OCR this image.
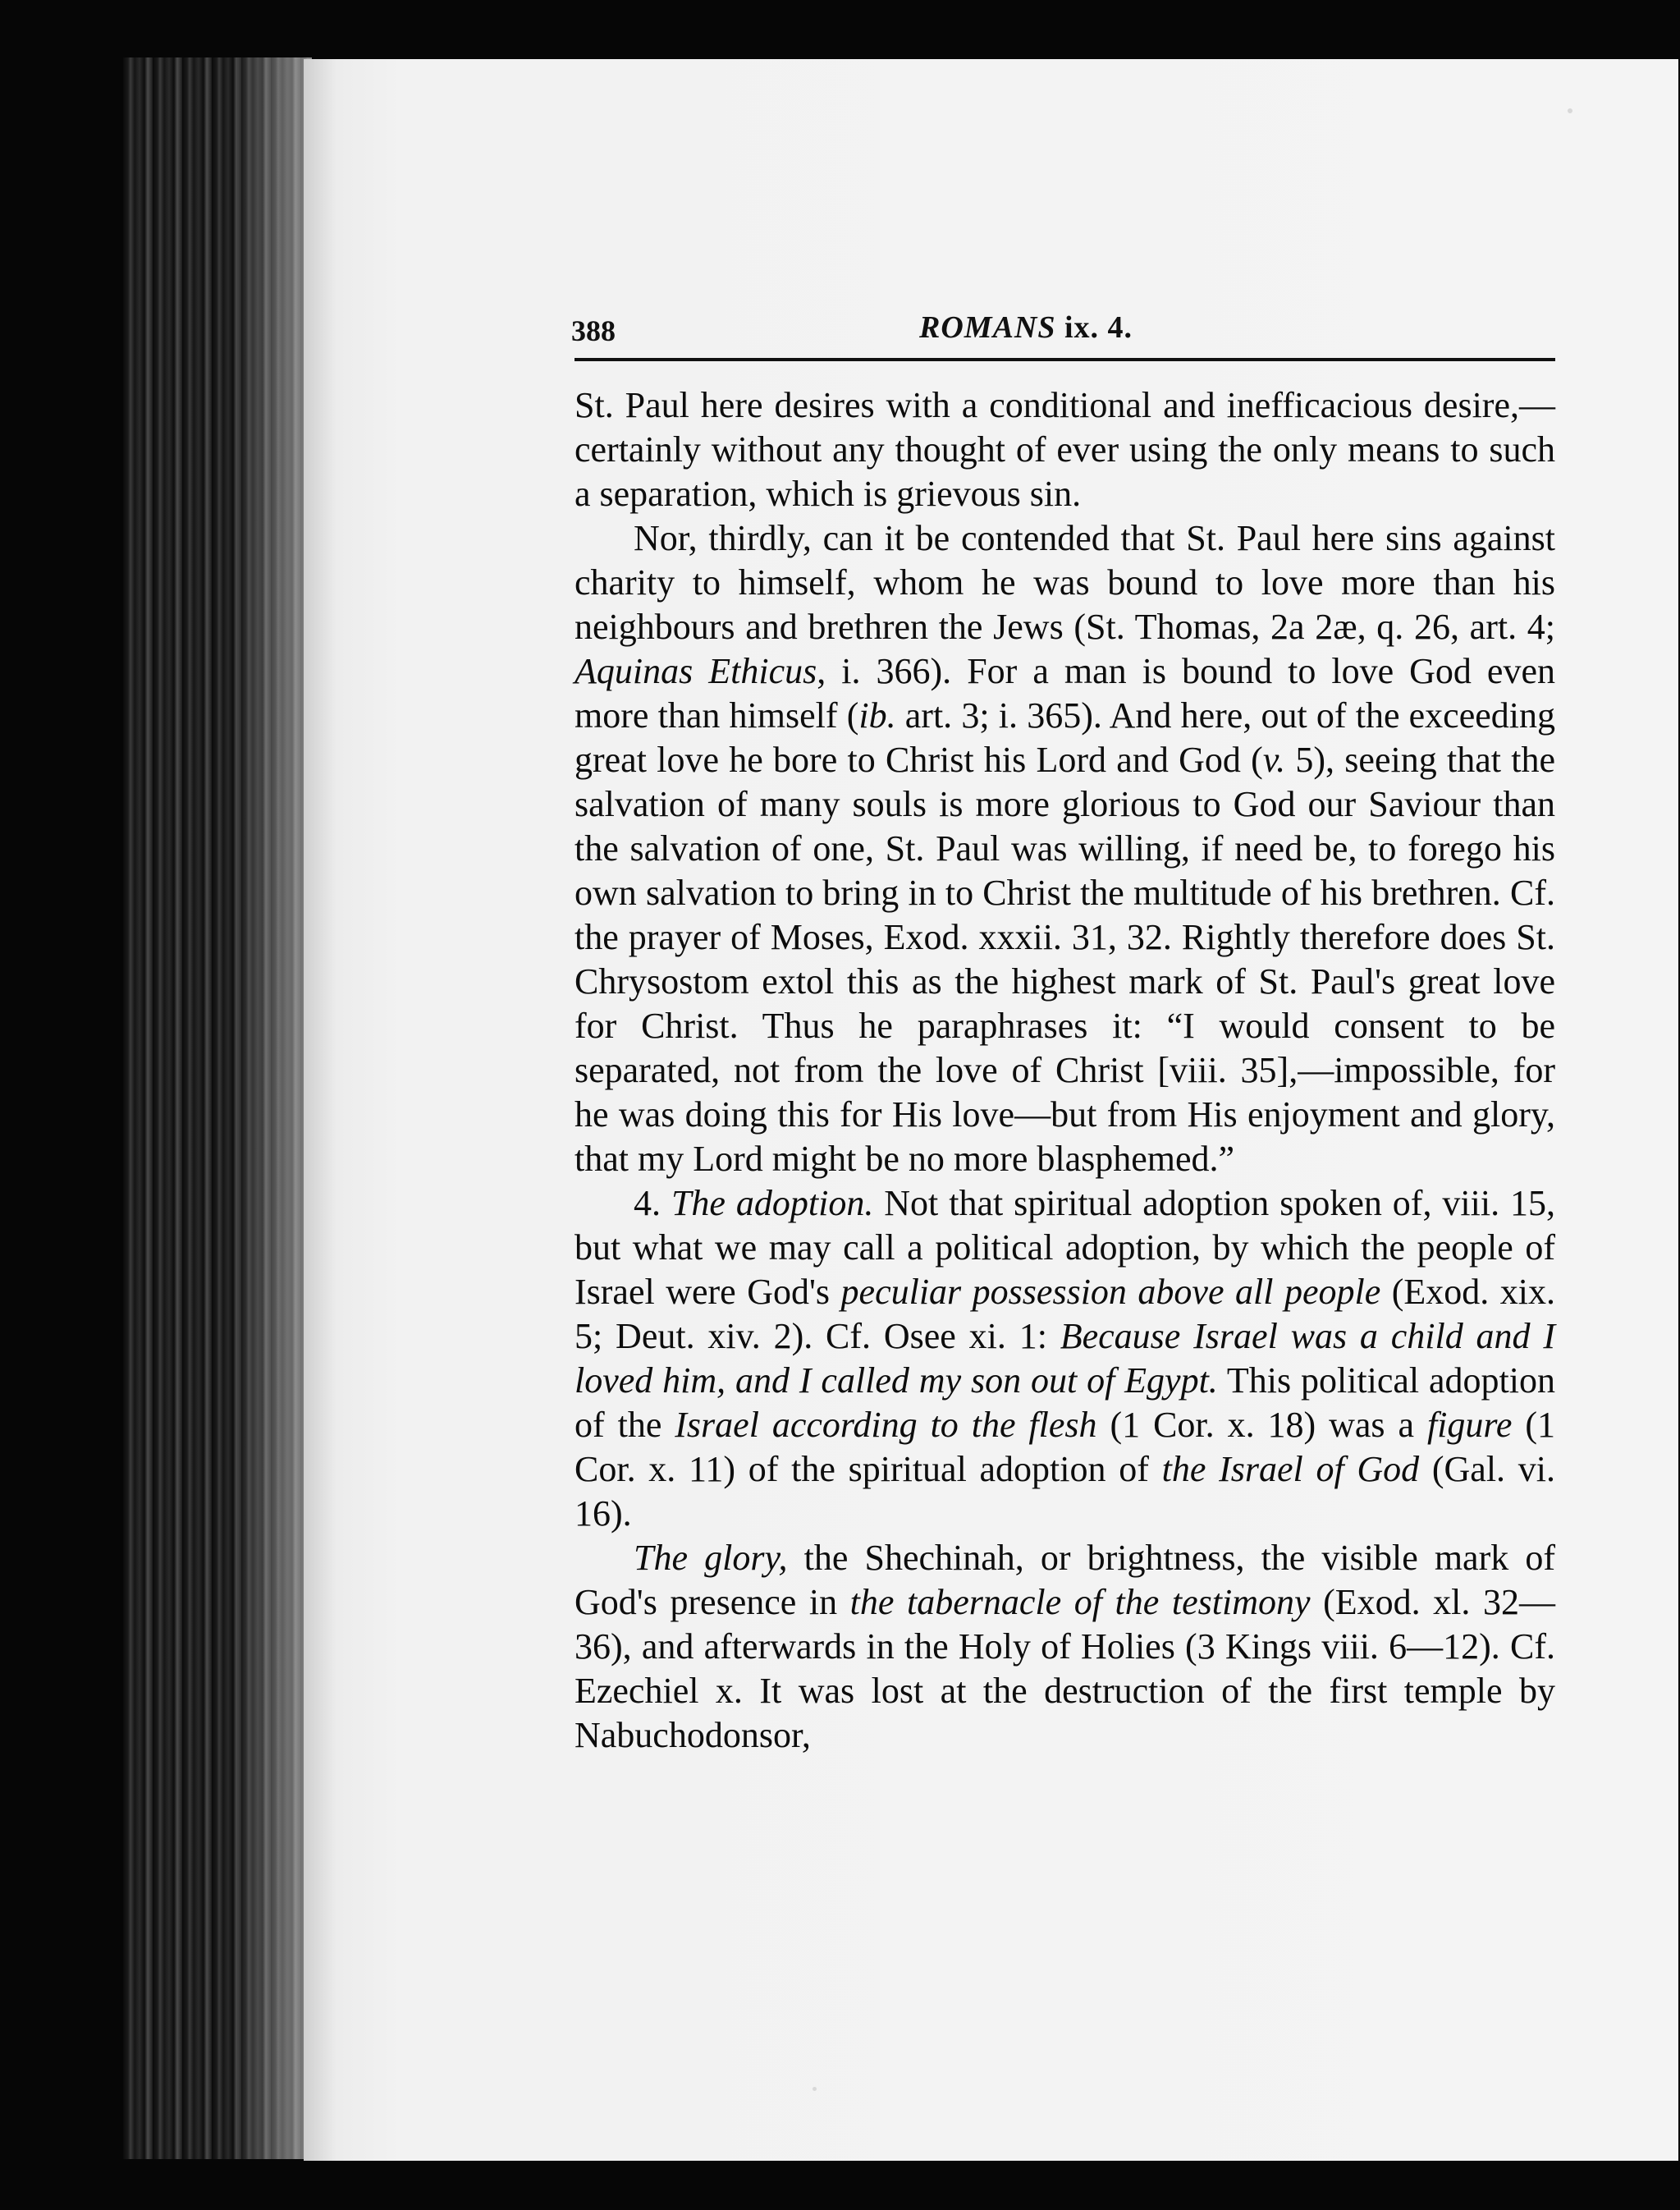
388	ROMANS ix. 4.

St. Paul here desires with a conditional and inefficacious desire,—certainly without any thought of ever using the only means to such a separation, which is grievous sin.

Nor, thirdly, can it be contended that St. Paul here sins against charity to himself, whom he was bound to love more than his neighbours and brethren the Jews (St. Thomas, 2a 2æ, q. 26, art. 4; Aquinas Ethicus, i. 366). For a man is bound to love God even more than himself (ib. art. 3; i. 365). And here, out of the exceeding great love he bore to Christ his Lord and God (v. 5), seeing that the salvation of many souls is more glorious to God our Saviour than the salvation of one, St. Paul was willing, if need be, to forego his own salvation to bring in to Christ the multitude of his brethren. Cf. the prayer of Moses, Exod. xxxii. 31, 32. Rightly therefore does St. Chrysostom extol this as the highest mark of St. Paul's great love for Christ. Thus he paraphrases it: “I would consent to be separated, not from the love of Christ [viii. 35],—impossible, for he was doing this for His love—but from His enjoyment and glory, that my Lord might be no more blasphemed.”

4. The adoption. Not that spiritual adoption spoken of, viii. 15, but what we may call a political adoption, by which the people of Israel were God's peculiar possession above all people (Exod. xix. 5; Deut. xiv. 2). Cf. Osee xi. 1: Because Israel was a child and I loved him, and I called my son out of Egypt. This political adoption of the Israel according to the flesh (1 Cor. x. 18) was a figure (1 Cor. x. 11) of the spiritual adoption of the Israel of God (Gal. vi. 16).

The glory, the Shechinah, or brightness, the visible mark of God's presence in the tabernacle of the testimony (Exod. xl. 32—36), and afterwards in the Holy of Holies (3 Kings viii. 6—12). Cf. Ezechiel x. It was lost at the destruction of the first temple by Nabuchodonsor,
